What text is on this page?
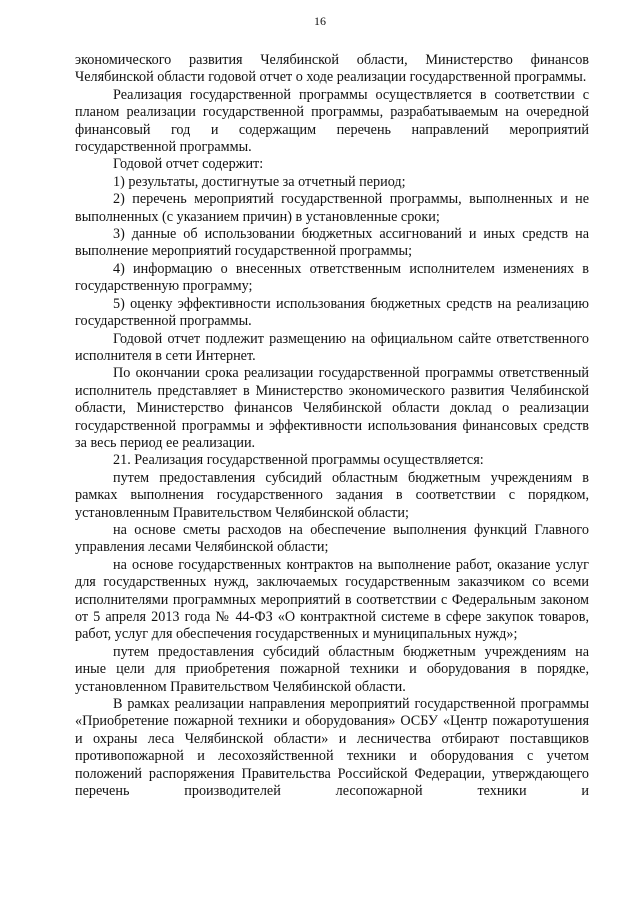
16

экономического развития Челябинской области, Министерство финансов Челябинской области годовой отчет о ходе реализации государственной программы.

Реализация государственной программы осуществляется в соответствии с планом реализации государственной программы, разрабатываемым на очередной финансовый год и содержащим перечень направлений мероприятий государственной программы.

Годовой отчет содержит:

1) результаты, достигнутые за отчетный период;

2) перечень мероприятий государственной программы, выполненных и не выполненных (с указанием причин) в установленные сроки;

3) данные об использовании бюджетных ассигнований и иных средств на выполнение мероприятий государственной программы;

4) информацию о внесенных ответственным исполнителем изменениях в государственную программу;

5) оценку эффективности использования бюджетных средств на реализацию государственной программы.

Годовой отчет подлежит размещению на официальном сайте ответственного исполнителя в сети Интернет.

По окончании срока реализации государственной программы ответственный исполнитель представляет в Министерство экономического развития Челябинской области, Министерство финансов Челябинской области доклад о реализации государственной программы и эффективности использования финансовых средств за весь период ее реализации.

21. Реализация государственной программы осуществляется:

путем предоставления субсидий областным бюджетным учреждениям в рамках выполнения государственного задания в соответствии с порядком, установленным Правительством Челябинской области;

на основе сметы расходов на обеспечение выполнения функций Главного управления лесами Челябинской области;

на основе государственных контрактов на выполнение работ, оказание услуг для государственных нужд, заключаемых государственным заказчиком со всеми исполнителями программных мероприятий в соответствии с Федеральным законом от 5 апреля 2013 года № 44-ФЗ «О контрактной системе в сфере закупок товаров, работ, услуг для обеспечения государственных и муниципальных нужд»;

путем предоставления субсидий областным бюджетным учреждениям на иные цели для приобретения пожарной техники и оборудования в порядке, установленном Правительством Челябинской области.

В рамках реализации направления мероприятий государственной программы «Приобретение пожарной техники и оборудования» ОСБУ «Центр пожаротушения и охраны леса Челябинской области» и лесничества отбирают поставщиков противопожарной и лесохозяйственной техники и оборудования с учетом положений распоряжения Правительства Российской Федерации, утверждающего перечень производителей лесопожарной техники и
